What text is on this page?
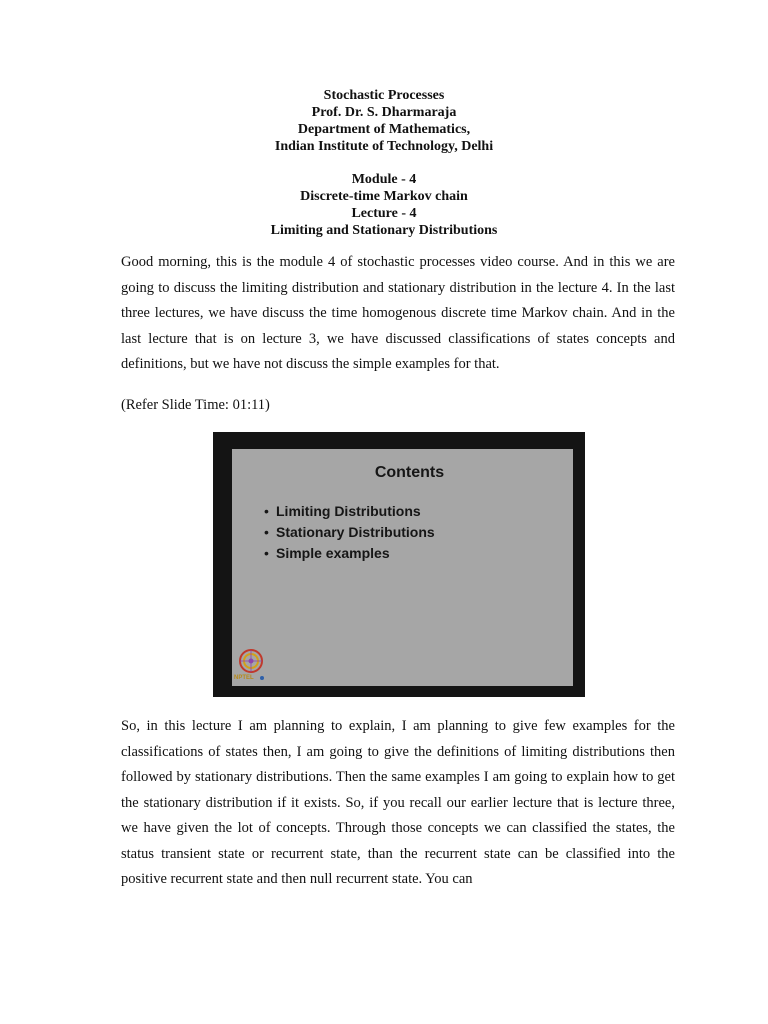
Stochastic Processes
Prof. Dr. S. Dharmaraja
Department of Mathematics,
Indian Institute of Technology, Delhi
Module - 4
Discrete-time Markov chain
Lecture - 4
Limiting and Stationary Distributions

Good morning, this is the module 4 of stochastic processes video course. And in this we are going to discuss the limiting distribution and stationary distribution in the lecture 4. In the last three lectures, we have discuss the time homogenous discrete time Markov chain. And in the last lecture that is on lecture 3, we have discussed classifications of states concepts and definitions, but we have not discuss the simple examples for that.

(Refer Slide Time: 01:11)

Contents
• Limiting Distributions
• Stationary Distributions
• Simple examples
NPTEL

So, in this lecture I am planning to explain, I am planning to give few examples for the classifications of states then, I am going to give the definitions of limiting distributions then followed by stationary distributions. Then the same examples I am going to explain how to get the stationary distribution if it exists. So, if you recall our earlier lecture that is lecture three, we have given the lot of concepts. Through those concepts we can classified the states, the status transient state or recurrent state, than the recurrent state can be classified into the positive recurrent state and then null recurrent state. You can
